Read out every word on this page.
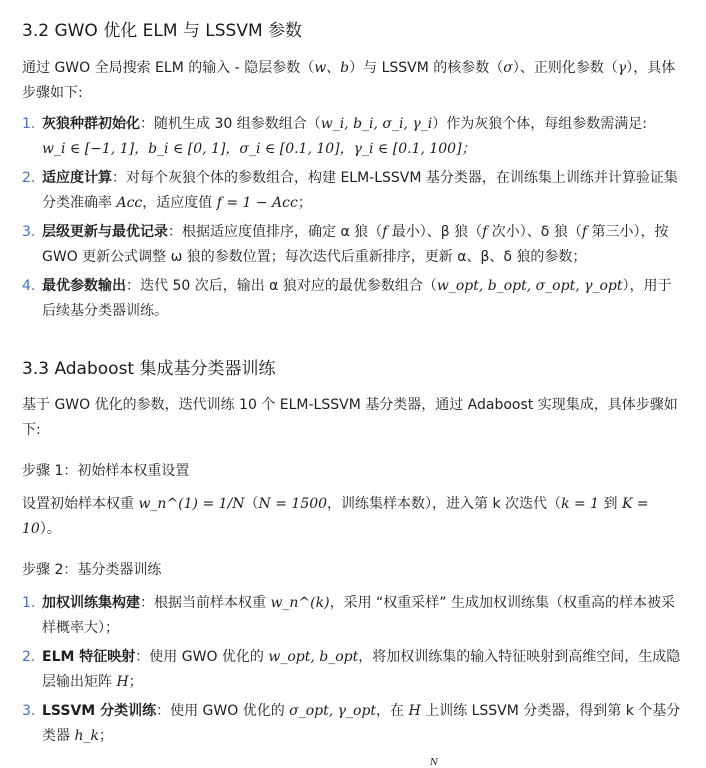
3.2 GWO 优化 ELM 与 LSSVM 参数

通过 GWO 全局搜索 ELM 的输入 - 隐层参数（w、b）与 LSSVM 的核参数（σ）、正则化参数（γ），具体步骤如下:

1. 灰狼种群初始化：随机生成 30 组参数组合（w_i, b_i, σ_i, γ_i）作为灰狼个体，每组参数需满足:
w_i ∈ [−1, 1]，b_i ∈ [0, 1]，σ_i ∈ [0.1, 10]，γ_i ∈ [0.1, 100]；
2. 适应度计算：对每个灰狼个体的参数组合，构建 ELM-LSSVM 基分类器，在训练集上训练并计算验证集分类准确率 Acc，适应度值 f = 1 − Acc；
3. 层级更新与最优记录：根据适应度值排序，确定 α 狼（f 最小）、β 狼（f 次小）、δ 狼（f 第三小），按 GWO 更新公式调整 ω 狼的参数位置；每次迭代后重新排序，更新 α、β、δ 狼的参数；
4. 最优参数输出：迭代 50 次后，输出 α 狼对应的最优参数组合（w_opt, b_opt, σ_opt, γ_opt），用于后续基分类器训练。
3.3 Adaboost 集成基分类器训练

基于 GWO 优化的参数，迭代训练 10 个 ELM-LSSVM 基分类器，通过 Adaboost 实现集成，具体步骤如下:

步骤 1：初始样本权重设置

设置初始样本权重 w_n^(1) = 1/N（N = 1500，训练集样本数），进入第 k 次迭代（k = 1 到 K = 10）。

步骤 2：基分类器训练

1. 加权训练集构建：根据当前样本权重 w_n^(k)，采用 “权重采样” 生成加权训练集（权重高的样本被采样概率大）；
2. ELM 特征映射：使用 GWO 优化的 w_opt, b_opt，将加权训练集的输入特征映射到高维空间，生成隐层输出矩阵 H；
3. LSSVM 分类训练：使用 GWO 优化的 σ_opt, γ_opt，在 H 上训练 LSSVM 分类器，得到第 k 个基分类器 h_k；
N
